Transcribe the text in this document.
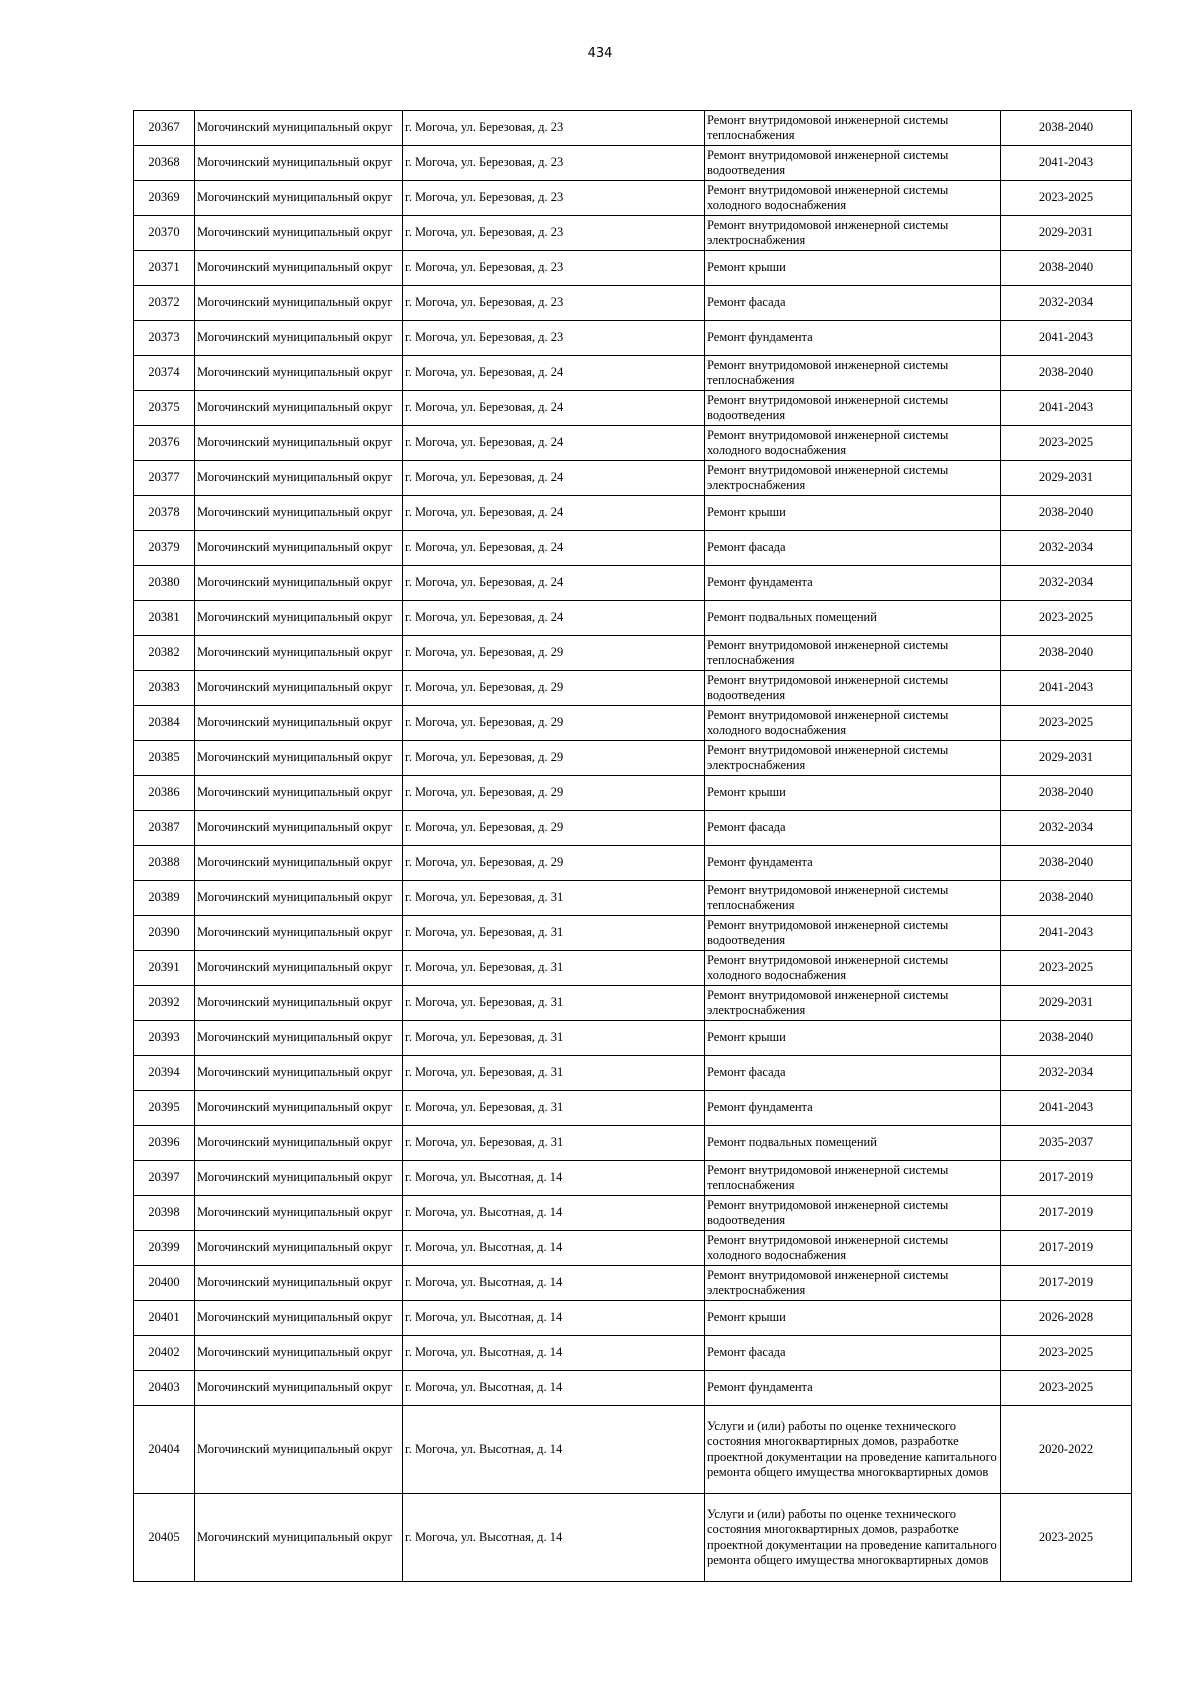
434
20367	Могочинский муниципальный округ	г. Могоча, ул. Березовая, д. 23	Ремонт внутридомовой инженерной системы теплоснабжения	2038-2040
20368	Могочинский муниципальный округ	г. Могоча, ул. Березовая, д. 23	Ремонт внутридомовой инженерной системы водоотведения	2041-2043
20369	Могочинский муниципальный округ	г. Могоча, ул. Березовая, д. 23	Ремонт внутридомовой инженерной системы холодного водоснабжения	2023-2025
20370	Могочинский муниципальный округ	г. Могоча, ул. Березовая, д. 23	Ремонт внутридомовой инженерной системы электроснабжения	2029-2031
20371	Могочинский муниципальный округ	г. Могоча, ул. Березовая, д. 23	Ремонт крыши	2038-2040
20372	Могочинский муниципальный округ	г. Могоча, ул. Березовая, д. 23	Ремонт фасада	2032-2034
20373	Могочинский муниципальный округ	г. Могоча, ул. Березовая, д. 23	Ремонт фундамента	2041-2043
20374	Могочинский муниципальный округ	г. Могоча, ул. Березовая, д. 24	Ремонт внутридомовой инженерной системы теплоснабжения	2038-2040
20375	Могочинский муниципальный округ	г. Могоча, ул. Березовая, д. 24	Ремонт внутридомовой инженерной системы водоотведения	2041-2043
20376	Могочинский муниципальный округ	г. Могоча, ул. Березовая, д. 24	Ремонт внутридомовой инженерной системы холодного водоснабжения	2023-2025
20377	Могочинский муниципальный округ	г. Могоча, ул. Березовая, д. 24	Ремонт внутридомовой инженерной системы электроснабжения	2029-2031
20378	Могочинский муниципальный округ	г. Могоча, ул. Березовая, д. 24	Ремонт крыши	2038-2040
20379	Могочинский муниципальный округ	г. Могоча, ул. Березовая, д. 24	Ремонт фасада	2032-2034
20380	Могочинский муниципальный округ	г. Могоча, ул. Березовая, д. 24	Ремонт фундамента	2032-2034
20381	Могочинский муниципальный округ	г. Могоча, ул. Березовая, д. 24	Ремонт подвальных помещений	2023-2025
20382	Могочинский муниципальный округ	г. Могоча, ул. Березовая, д. 29	Ремонт внутридомовой инженерной системы теплоснабжения	2038-2040
20383	Могочинский муниципальный округ	г. Могоча, ул. Березовая, д. 29	Ремонт внутридомовой инженерной системы водоотведения	2041-2043
20384	Могочинский муниципальный округ	г. Могоча, ул. Березовая, д. 29	Ремонт внутридомовой инженерной системы холодного водоснабжения	2023-2025
20385	Могочинский муниципальный округ	г. Могоча, ул. Березовая, д. 29	Ремонт внутридомовой инженерной системы электроснабжения	2029-2031
20386	Могочинский муниципальный округ	г. Могоча, ул. Березовая, д. 29	Ремонт крыши	2038-2040
20387	Могочинский муниципальный округ	г. Могоча, ул. Березовая, д. 29	Ремонт фасада	2032-2034
20388	Могочинский муниципальный округ	г. Могоча, ул. Березовая, д. 29	Ремонт фундамента	2038-2040
20389	Могочинский муниципальный округ	г. Могоча, ул. Березовая, д. 31	Ремонт внутридомовой инженерной системы теплоснабжения	2038-2040
20390	Могочинский муниципальный округ	г. Могоча, ул. Березовая, д. 31	Ремонт внутридомовой инженерной системы водоотведения	2041-2043
20391	Могочинский муниципальный округ	г. Могоча, ул. Березовая, д. 31	Ремонт внутридомовой инженерной системы холодного водоснабжения	2023-2025
20392	Могочинский муниципальный округ	г. Могоча, ул. Березовая, д. 31	Ремонт внутридомовой инженерной системы электроснабжения	2029-2031
20393	Могочинский муниципальный округ	г. Могоча, ул. Березовая, д. 31	Ремонт крыши	2038-2040
20394	Могочинский муниципальный округ	г. Могоча, ул. Березовая, д. 31	Ремонт фасада	2032-2034
20395	Могочинский муниципальный округ	г. Могоча, ул. Березовая, д. 31	Ремонт фундамента	2041-2043
20396	Могочинский муниципальный округ	г. Могоча, ул. Березовая, д. 31	Ремонт подвальных помещений	2035-2037
20397	Могочинский муниципальный округ	г. Могоча, ул. Высотная, д. 14	Ремонт внутридомовой инженерной системы теплоснабжения	2017-2019
20398	Могочинский муниципальный округ	г. Могоча, ул. Высотная, д. 14	Ремонт внутридомовой инженерной системы водоотведения	2017-2019
20399	Могочинский муниципальный округ	г. Могоча, ул. Высотная, д. 14	Ремонт внутридомовой инженерной системы холодного водоснабжения	2017-2019
20400	Могочинский муниципальный округ	г. Могоча, ул. Высотная, д. 14	Ремонт внутридомовой инженерной системы электроснабжения	2017-2019
20401	Могочинский муниципальный округ	г. Могоча, ул. Высотная, д. 14	Ремонт крыши	2026-2028
20402	Могочинский муниципальный округ	г. Могоча, ул. Высотная, д. 14	Ремонт фасада	2023-2025
20403	Могочинский муниципальный округ	г. Могоча, ул. Высотная, д. 14	Ремонт фундамента	2023-2025
20404	Могочинский муниципальный округ	г. Могоча, ул. Высотная, д. 14	Услуги и (или) работы по оценке технического состояния многоквартирных домов, разработке проектной документации на проведение капитального ремонта общего имущества многоквартирных домов	2020-2022
20405	Могочинский муниципальный округ	г. Могоча, ул. Высотная, д. 14	Услуги и (или) работы по оценке технического состояния многоквартирных домов, разработке проектной документации на проведение капитального ремонта общего имущества многоквартирных домов	2023-2025
